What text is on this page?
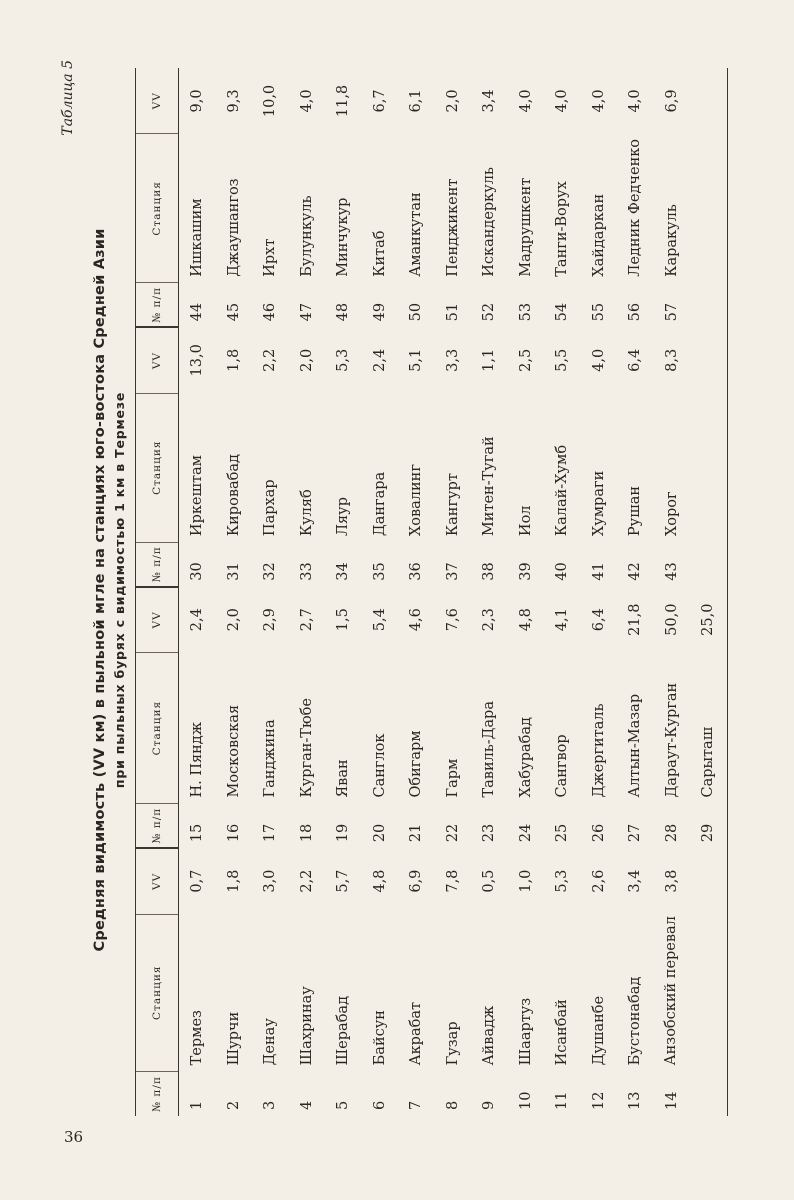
36
Таблица 5
Средняя видимость (VV км) в пыльной мгле на станциях юго-востока Средней Азии при пыльных бурях с видимостью 1 км в Термезе
№ п/п	Станция	VV	№ п/п	Станция	VV	№ п/п	Станция	VV	№ п/п	Станция	VV
1	Термез	0,7	15	Н. Пяндж	2,4	30	Иркештам	13,0	44	Ишкашим	9,0
2	Шурчи	1,8	16	Московская	2,0	31	Кировабад	1,8	45	Джаушангоз	9,3
3	Денау	3,0	17	Ганджина	2,9	32	Пархар	2,2	46	Ирхт	10,0
4	Шахринау	2,2	18	Курган-Тюбе	2,7	33	Куляб	2,0	47	Булункуль	4,0
5	Шерабад	5,7	19	Яван	1,5	34	Ляур	5,3	48	Минчукур	11,8
6	Байсун	4,8	20	Санглок	5,4	35	Дангара	2,4	49	Китаб	6,7
7	Акрабат	6,9	21	Обигарм	4,6	36	Ховалинг	5,1	50	Аманкутан	6,1
8	Гузар	7,8	22	Гарм	7,6	37	Кангурт	3,3	51	Пенджикент	2,0
9	Айвадж	0,5	23	Тавиль-Дара	2,3	38	Митен-Тугай	1,1	52	Искандеркуль	3,4
10	Шаартуз	1,0	24	Хабурабад	4,8	39	Иол	2,5	53	Мадрушкент	4,0
11	Исанбай	5,3	25	Сангвор	4,1	40	Калай-Хумб	5,5	54	Танги-Ворух	4,0
12	Душанбе	2,6	26	Джергиталь	6,4	41	Хумраги	4,0	55	Хайдаркан	4,0
13	Бустонабад	3,4	27	Алтын-Мазар	21,8	42	Рушан	6,4	56	Ледник Федченко	4,0
14	Анзобский перевал	3,8	28	Дараут-Курган	50,0	43	Хорог	8,3	57	Каракуль	6,9
			29	Сарыташ	25,0						
